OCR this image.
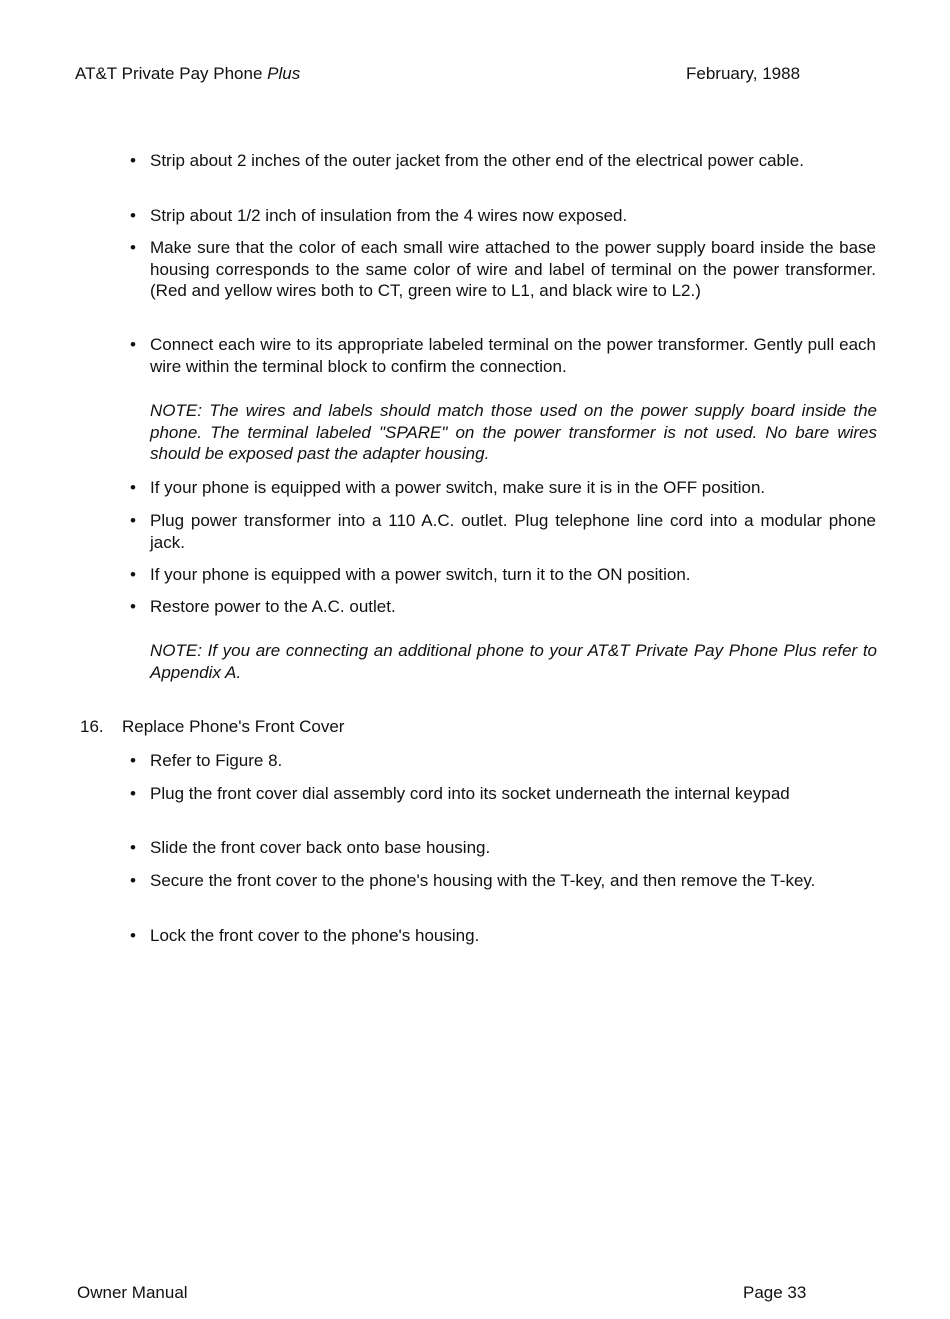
AT&T Private Pay Phone Plus	February, 1988
• Strip about 2 inches of the outer jacket from the other end of the electrical power cable.
• Strip about 1/2 inch of insulation from the 4 wires now exposed.
• Make sure that the color of each small wire attached to the power supply board inside the base housing corresponds to the same color of wire and label of terminal on the power transformer. (Red and yellow wires both to CT, green wire to L1, and black wire to L2.)
• Connect each wire to its appropriate labeled terminal on the power transformer. Gently pull each wire within the terminal block to confirm the connection.
NOTE: The wires and labels should match those used on the power supply board inside the phone. The terminal labeled "SPARE" on the power transformer is not used. No bare wires should be exposed past the adapter housing.
• If your phone is equipped with a power switch, make sure it is in the OFF position.
• Plug power transformer into a 110 A.C. outlet. Plug telephone line cord into a modular phone jack.
• If your phone is equipped with a power switch, turn it to the ON position.
• Restore power to the A.C. outlet.
NOTE: If you are connecting an additional phone to your AT&T Private Pay Phone Plus refer to Appendix A.
16. Replace Phone's Front Cover
• Refer to Figure 8.
• Plug the front cover dial assembly cord into its socket underneath the internal keypad
• Slide the front cover back onto base housing.
• Secure the front cover to the phone's housing with the T-key, and then remove the T-key.
• Lock the front cover to the phone's housing.
Owner Manual	Page 33
